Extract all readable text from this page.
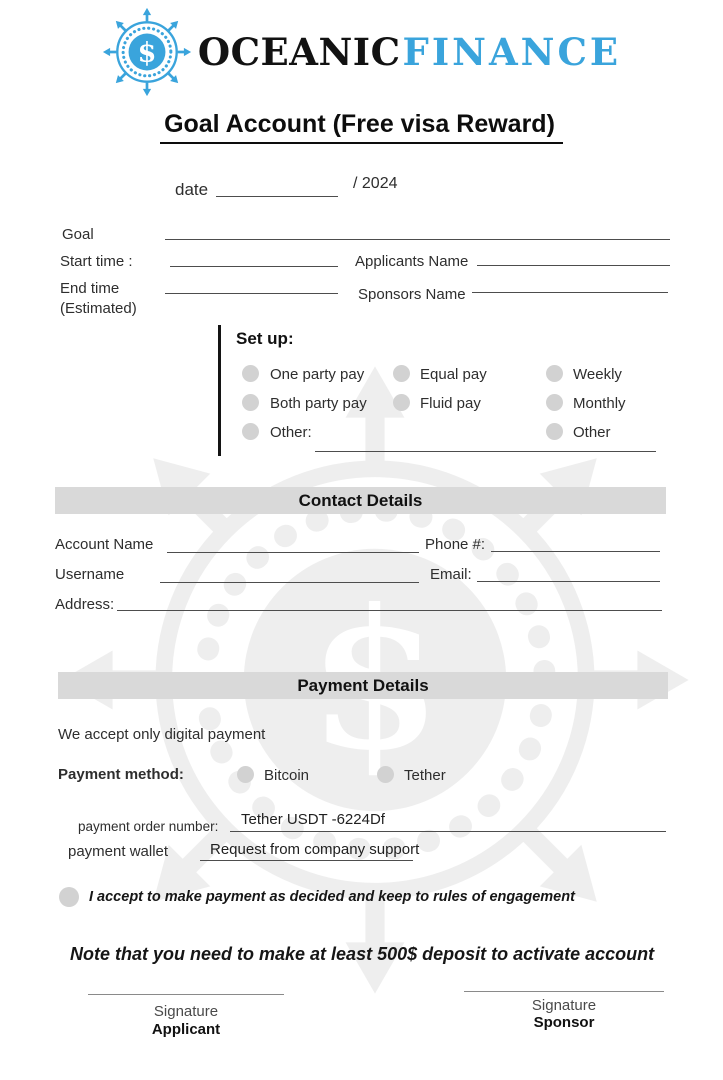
OCEANICFINANCE
Goal Account (Free visa Reward)
date	/ 2024
Goal
Start time :	Applicants Name
End time
(Estimated)
Sponsors Name
Set up:
One party pay	Equal pay	Weekly
Both party pay	Fluid pay	Monthly
Other:	Other
Contact Details
Account Name	Phone #:
Username	Email:
Address:
Payment Details
We accept only digital payment
Payment method:	Bitcoin	Tether
payment order number: Tether USDT -6224Df
payment wallet	Request from company support
I accept to make payment as decided and keep to rules of engagement
Note that you need to make at least 500$ deposit to activate account
Signature
Applicant
Signature
Sponsor
